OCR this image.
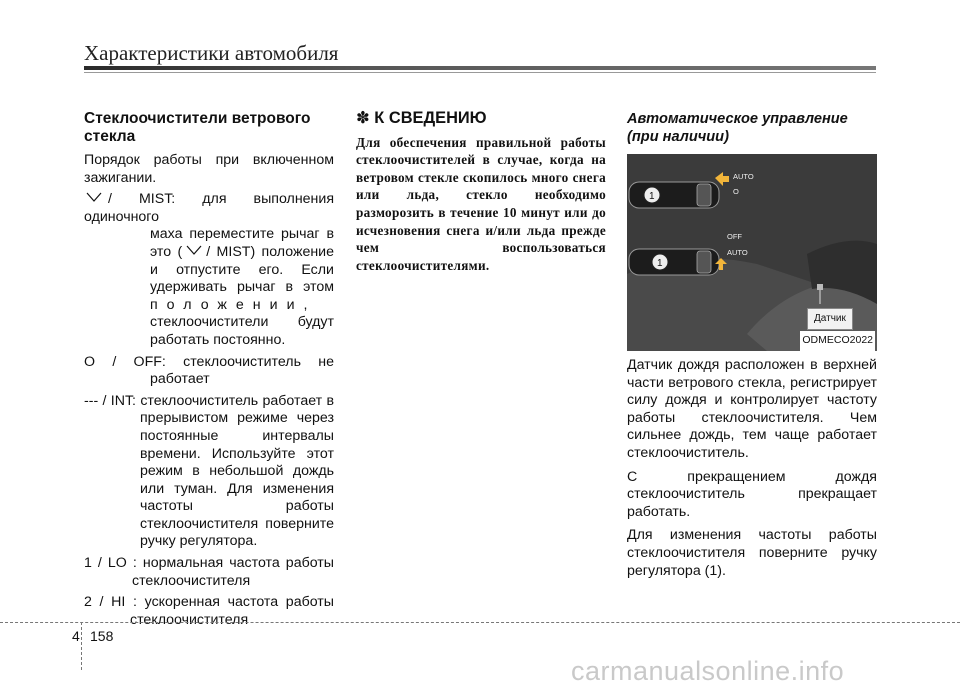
Характеристики автомобиля
Стеклоочистители ветрового стекла
Порядок работы при включенном зажигании.
/ MIST: для выполнения одиночного
маха переместите рычаг в это ( / MIST) положение и отпустите его. Если удерживать рычаг в этом положении, стеклоочистители будут работать постоянно.
O / OFF: стеклоочиститель не
работает
--- / INT: стеклоочиститель работает в
прерывистом режиме через постоянные интервалы времени. Используйте этот режим в небольшой дождь или туман. Для изменения частоты работы стеклоочистителя поверните ручку регулятора.
1 / LO : нормальная частота работы
стеклоочистителя
2 / HI : ускоренная частота работы
стеклоочистителя
✽ К СВЕДЕНИЮ
Для обеспечения правильной работы стеклоочистителей в случае, когда на ветровом стекле скопилось много снега или льда, стекло необходимо разморозить в течение 10 минут или до исчезновения снега и/или льда прежде чем воспользоваться стеклоочистителями.
Автоматическое управление
(при наличии)
1
1
AUTO
O
OFF
AUTO
Датчик
ODMECO2022
Датчик дождя расположен в верхней части ветрового стекла, регистрирует силу дождя и контролирует частоту работы стеклоочистителя. Чем сильнее дождь, тем чаще работает стеклоочиститель.
С прекращением дождя
стеклоочиститель прекращает работать.
Для изменения частоты работы стеклоочистителя поверните ручку регулятора (1).
4 158
carmanualsonline.info
